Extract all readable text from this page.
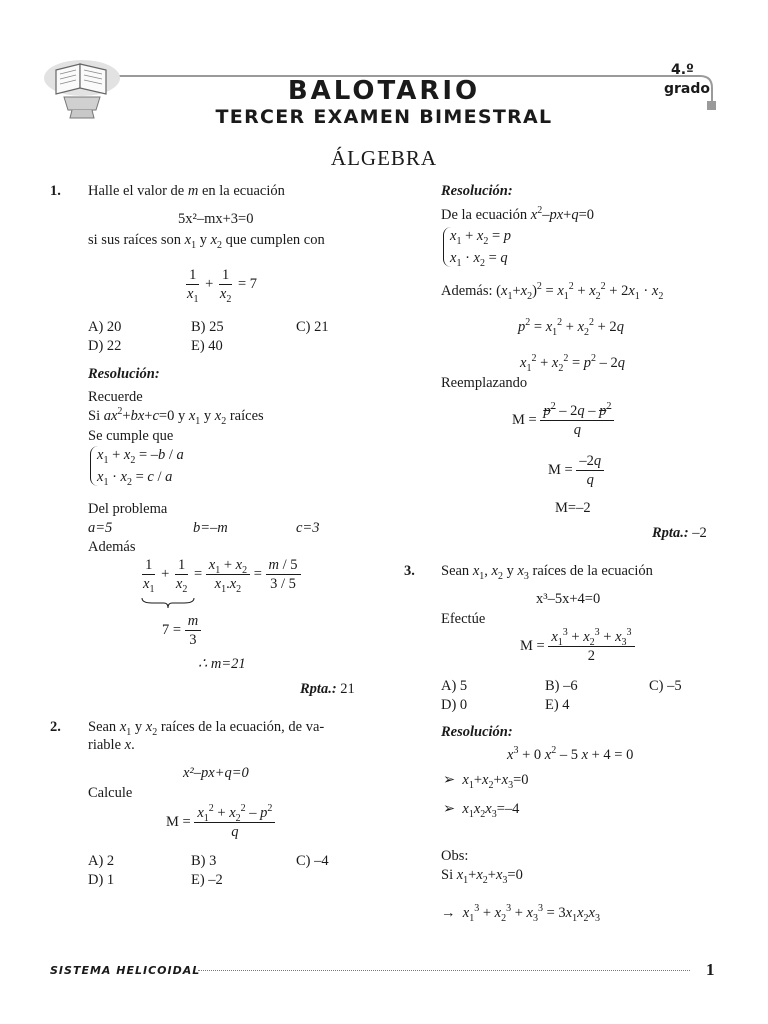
4.º
grado
BALOTARIO
TERCER EXAMEN BIMESTRAL
ÁLGEBRA
1. Halle el valor de m en la ecuación
5x²–mx+3=0
si sus raíces son $x_1$ y $x_2$ que cumplen con
$\frac{1}{x_1} + \frac{1}{x_2} = 7$
A) 20	B) 25	C) 21
D) 22	E) 40
Resolución:
Recuerde
Si $ax^2+bx+c=0$ y $x_1$ y $x_2$ raíces
Se cumple que
$x_1 + x_2 = -b / a$
$x_1 \cdot x_2 = c / a$
Del problema
a=5	b=–m	c=3
Además
$\frac{1}{x_1} + \frac{1}{x_2} = \frac{x_1 + x_2}{x_1.x_2} = \frac{m / 5}{3 / 5}$
$7 = \frac{m}{3}$
∴ m=21
Rpta.: 21
2. Sean $x_1$ y $x_2$ raíces de la ecuación, de va-
riable x.
x²–px+q=0
Calcule
$M = \frac{x_1^2 + x_2^2 - p^2}{q}$
A) 2	B) 3	C) –4
D) 1	E) –2
Resolución:
De la ecuación $x^2-px+q=0$
$x_1 + x_2 = p$
$x_1 \cdot x_2 = q$
Además: $(x_1+x_2)^2 = x_1^2 + x_2^2 + 2x_1 \cdot x_2$
$p^2 = x_1^2 + x_2^2 + 2q$
$x_1^2 + x_2^2 = p^2 - 2q$
Reemplazando
$M = \frac{p^2 - 2q - p^2}{q}$
$M = \frac{-2q}{q}$
M=–2
Rpta.: –2
3. Sean $x_1$, $x_2$ y $x_3$ raíces de la ecuación
x³–5x+4=0
Efectúe
$M = \frac{x_1^3 + x_2^3 + x_3^3}{2}$
A) 5	B) –6	C) –5
D) 0	E) 4
Resolución:
$x^3 + 0$ $x^2 - 5$ x + 4 = 0
➢ $x_1+x_2+x_3=0$
➢ $x_1x_2x_3=-4$
Obs:
Si $x_1+x_2+x_3=0$
→  $x_1^3 + x_2^3 + x_3^3 = 3x_1x_2x_3$
SISTEMA HELICOIDAL	1
